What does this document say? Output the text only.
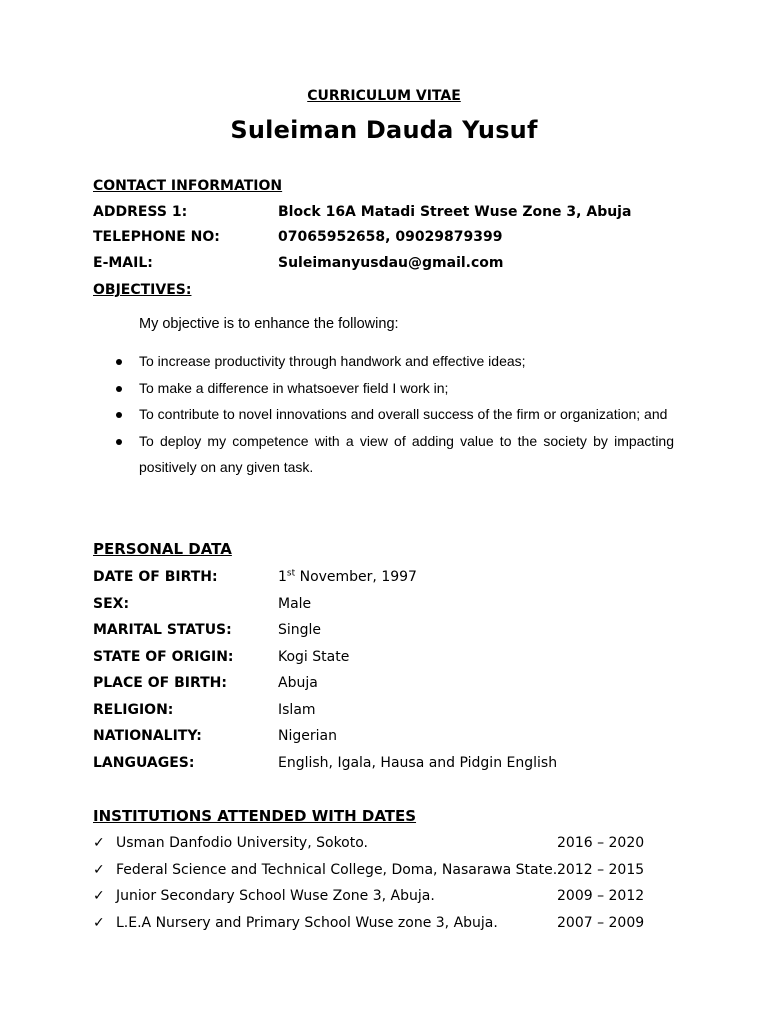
CURRICULUM VITAE
Suleiman Dauda Yusuf
CONTACT INFORMATION
ADDRESS 1:	Block 16A Matadi Street Wuse Zone 3, Abuja
TELEPHONE NO:	07065952658, 09029879399
E-MAIL:	Suleimanyusdau@gmail.com
OBJECTIVES:
My objective is to enhance the following:
To increase productivity through handwork and effective ideas;
To make a difference in whatsoever field I work in;
To contribute to novel innovations and overall success of the firm or organization; and
To deploy my competence with a view of adding value to the society by impacting positively on any given task.
PERSONAL DATA
DATE OF BIRTH:	1st November, 1997
SEX:	Male
MARITAL STATUS:	Single
STATE OF ORIGIN:	Kogi State
PLACE OF BIRTH:	Abuja
RELIGION:	Islam
NATIONALITY:	Nigerian
LANGUAGES:	English, Igala, Hausa and Pidgin English
INSTITUTIONS ATTENDED WITH DATES
✓ Usman Danfodio University, Sokoto.	2016 – 2020
✓ Federal Science and Technical College, Doma, Nasarawa State. 2012 – 2015
✓ Junior Secondary School Wuse Zone 3, Abuja.	2009 – 2012
✓ L.E.A Nursery and Primary School Wuse zone 3, Abuja.	2007 – 2009
